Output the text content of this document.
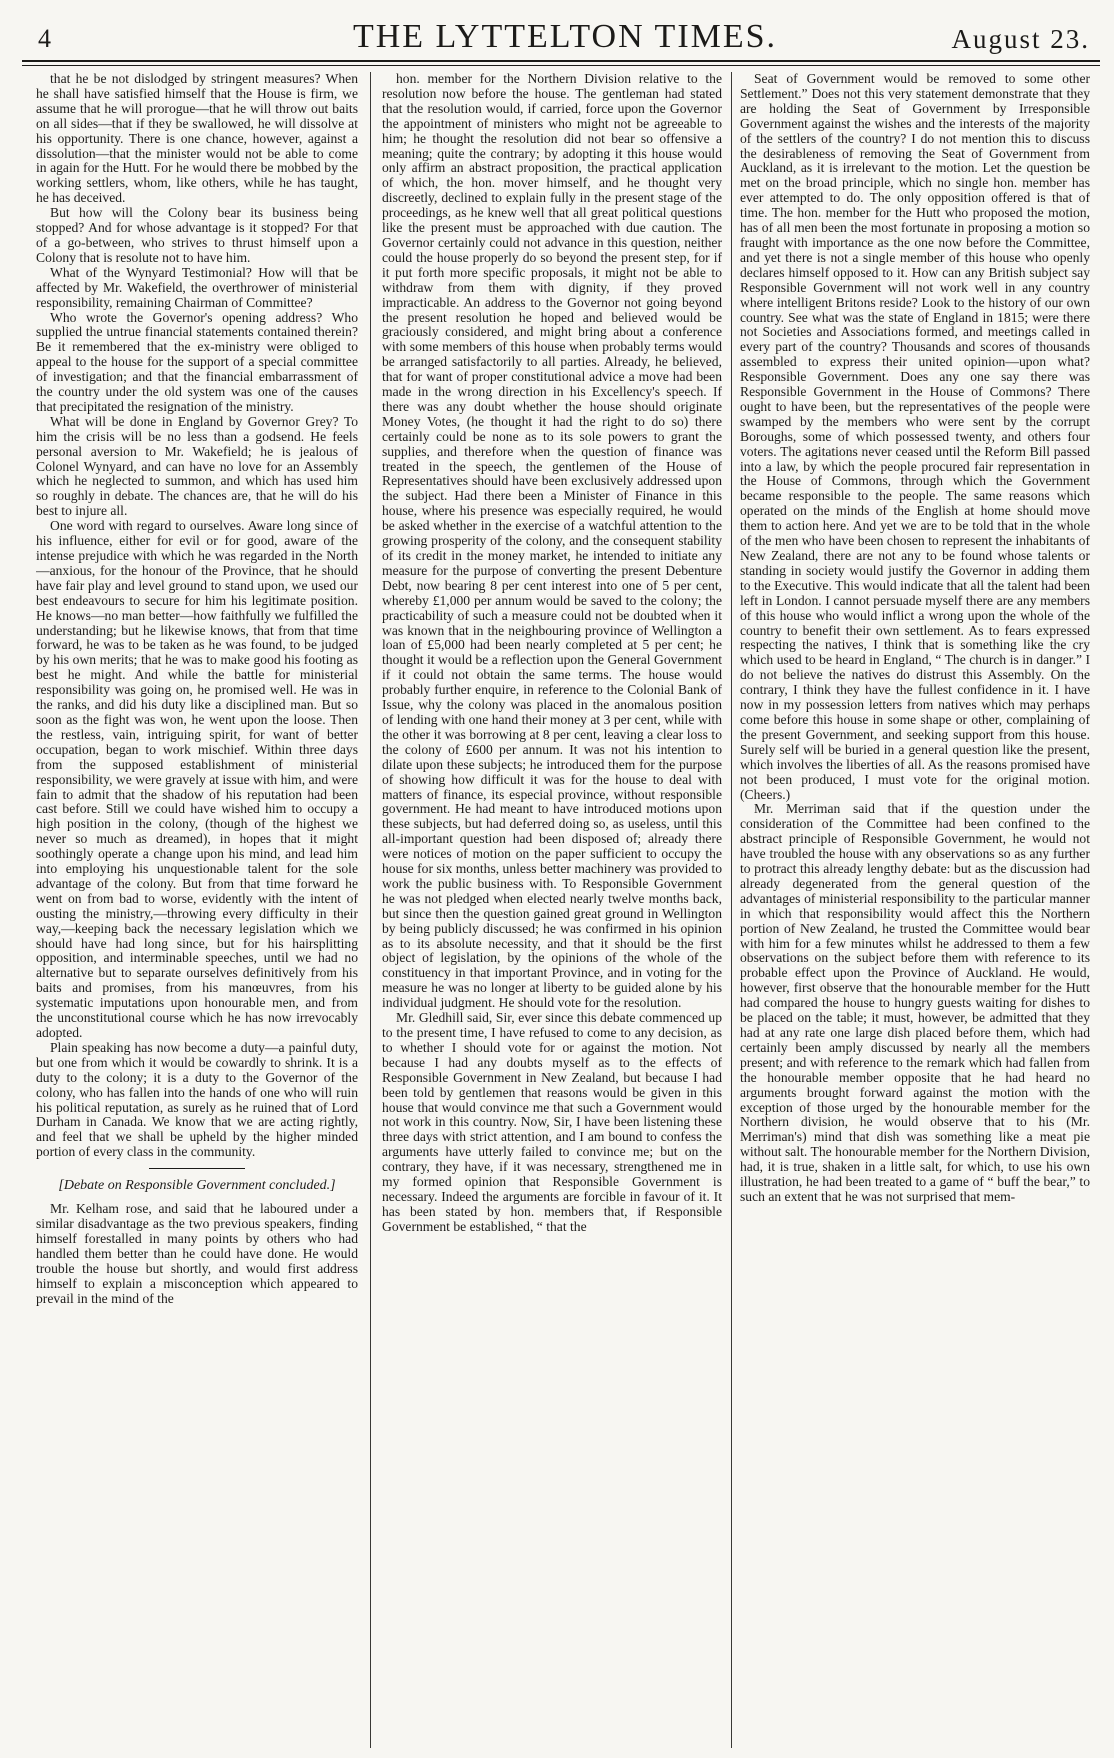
4	THE LYTTELTON TIMES.	August 23.

that he be not dislodged by stringent measures? When he shall have satisfied himself that the House is firm, we assume that he will prorogue—that he will throw out baits on all sides—that if they be swallowed, he will dissolve at his opportunity. There is one chance, however, against a dissolution—that the minister would not be able to come in again for the Hutt. For he would there be mobbed by the working settlers, whom, like others, while he has taught, he has deceived.

But how will the Colony bear its business being stopped? And for whose advantage is it stopped? For that of a go-between, who strives to thrust himself upon a Colony that is resolute not to have him.

What of the Wynyard Testimonial? How will that be affected by Mr. Wakefield, the overthrower of ministerial responsibility, remaining Chairman of Committee?

Who wrote the Governor's opening address? Who supplied the untrue financial statements contained therein? Be it remembered that the ex-ministry were obliged to appeal to the house for the support of a special committee of investigation; and that the financial embarrassment of the country under the old system was one of the causes that precipitated the resignation of the ministry.

What will be done in England by Governor Grey? To him the crisis will be no less than a godsend. He feels personal aversion to Mr. Wakefield; he is jealous of Colonel Wynyard, and can have no love for an Assembly which he neglected to summon, and which has used him so roughly in debate. The chances are, that he will do his best to injure all.

One word with regard to ourselves. Aware long since of his influence, either for evil or for good, aware of the intense prejudice with which he was regarded in the North—anxious, for the honour of the Province, that he should have fair play and level ground to stand upon, we used our best endeavours to secure for him his legitimate position. He knows—no man better—how faithfully we fulfilled the understanding; but he likewise knows, that from that time forward, he was to be taken as he was found, to be judged by his own merits; that he was to make good his footing as best he might. And while the battle for ministerial responsibility was going on, he promised well. He was in the ranks, and did his duty like a disciplined man. But so soon as the fight was won, he went upon the loose. Then the restless, vain, intriguing spirit, for want of better occupation, began to work mischief. Within three days from the supposed establishment of ministerial responsibility, we were gravely at issue with him, and were fain to admit that the shadow of his reputation had been cast before. Still we could have wished him to occupy a high position in the colony, (though of the highest we never so much as dreamed), in hopes that it might soothingly operate a change upon his mind, and lead him into employing his unquestionable talent for the sole advantage of the colony. But from that time forward he went on from bad to worse, evidently with the intent of ousting the ministry,—throwing every difficulty in their way,—keeping back the necessary legislation which we should have had long since, but for his hairsplitting opposition, and interminable speeches, until we had no alternative but to separate ourselves definitively from his baits and promises, from his manœuvres, from his systematic imputations upon honourable men, and from the unconstitutional course which he has now irrevocably adopted.

Plain speaking has now become a duty—a painful duty, but one from which it would be cowardly to shrink. It is a duty to the colony; it is a duty to the Governor of the colony, who has fallen into the hands of one who will ruin his political reputation, as surely as he ruined that of Lord Durham in Canada. We know that we are acting rightly, and feel that we shall be upheld by the higher minded portion of every class in the community.

[Debate on Responsible Government concluded.]

Mr. Kelham rose, and said that he laboured under a similar disadvantage as the two previous speakers, finding himself forestalled in many points by others who had handled them better than he could have done. He would trouble the house but shortly, and would first address himself to explain a misconception which appeared to prevail in the mind of the

hon. member for the Northern Division relative to the resolution now before the house. The gentleman had stated that the resolution would, if carried, force upon the Governor the appointment of ministers who might not be agreeable to him; he thought the resolution did not bear so offensive a meaning; quite the contrary; by adopting it this house would only affirm an abstract proposition, the practical application of which, the hon. mover himself, and he thought very discreetly, declined to explain fully in the present stage of the proceedings, as he knew well that all great political questions like the present must be approached with due caution. The Governor certainly could not advance in this question, neither could the house properly do so beyond the present step, for if it put forth more specific proposals, it might not be able to withdraw from them with dignity, if they proved impracticable. An address to the Governor not going beyond the present resolution he hoped and believed would be graciously considered, and might bring about a conference with some members of this house when probably terms would be arranged satisfactorily to all parties. Already, he believed, that for want of proper constitutional advice a move had been made in the wrong direction in his Excellency's speech. If there was any doubt whether the house should originate Money Votes, (he thought it had the right to do so) there certainly could be none as to its sole powers to grant the supplies, and therefore when the question of finance was treated in the speech, the gentlemen of the House of Representatives should have been exclusively addressed upon the subject. Had there been a Minister of Finance in this house, where his presence was especially required, he would be asked whether in the exercise of a watchful attention to the growing prosperity of the colony, and the consequent stability of its credit in the money market, he intended to initiate any measure for the purpose of converting the present Debenture Debt, now bearing 8 per cent interest into one of 5 per cent, whereby £1,000 per annum would be saved to the colony; the practicability of such a measure could not be doubted when it was known that in the neighbouring province of Wellington a loan of £5,000 had been nearly completed at 5 per cent; he thought it would be a reflection upon the General Government if it could not obtain the same terms. The house would probably further enquire, in reference to the Colonial Bank of Issue, why the colony was placed in the anomalous position of lending with one hand their money at 3 per cent, while with the other it was borrowing at 8 per cent, leaving a clear loss to the colony of £600 per annum. It was not his intention to dilate upon these subjects; he introduced them for the purpose of showing how difficult it was for the house to deal with matters of finance, its especial province, without responsible government. He had meant to have introduced motions upon these subjects, but had deferred doing so, as useless, until this all-important question had been disposed of; already there were notices of motion on the paper sufficient to occupy the house for six months, unless better machinery was provided to work the public business with. To Responsible Government he was not pledged when elected nearly twelve months back, but since then the question gained great ground in Wellington by being publicly discussed; he was confirmed in his opinion as to its absolute necessity, and that it should be the first object of legislation, by the opinions of the whole of the constituency in that important Province, and in voting for the measure he was no longer at liberty to be guided alone by his individual judgment. He should vote for the resolution.

Mr. Gledhill said, Sir, ever since this debate commenced up to the present time, I have refused to come to any decision, as to whether I should vote for or against the motion. Not because I had any doubts myself as to the effects of Responsible Government in New Zealand, but because I had been told by gentlemen that reasons would be given in this house that would convince me that such a Government would not work in this country. Now, Sir, I have been listening these three days with strict attention, and I am bound to confess the arguments have utterly failed to convince me; but on the contrary, they have, if it was necessary, strengthened me in my formed opinion that Responsible Government is necessary. Indeed the arguments are forcible in favour of it. It has been stated by hon. members that, if Responsible Government be established, “ that the

Seat of Government would be removed to some other Settlement.” Does not this very statement demonstrate that they are holding the Seat of Government by Irresponsible Government against the wishes and the interests of the majority of the settlers of the country? I do not mention this to discuss the desirableness of removing the Seat of Government from Auckland, as it is irrelevant to the motion. Let the question be met on the broad principle, which no single hon. member has ever attempted to do. The only opposition offered is that of time. The hon. member for the Hutt who proposed the motion, has of all men been the most fortunate in proposing a motion so fraught with importance as the one now before the Committee, and yet there is not a single member of this house who openly declares himself opposed to it. How can any British subject say Responsible Government will not work well in any country where intelligent Britons reside? Look to the history of our own country. See what was the state of England in 1815; were there not Societies and Associations formed, and meetings called in every part of the country? Thousands and scores of thousands assembled to express their united opinion—upon what? Responsible Government. Does any one say there was Responsible Government in the House of Commons? There ought to have been, but the representatives of the people were swamped by the members who were sent by the corrupt Boroughs, some of which possessed twenty, and others four voters. The agitations never ceased until the Reform Bill passed into a law, by which the people procured fair representation in the House of Commons, through which the Government became responsible to the people. The same reasons which operated on the minds of the English at home should move them to action here. And yet we are to be told that in the whole of the men who have been chosen to represent the inhabitants of New Zealand, there are not any to be found whose talents or standing in society would justify the Governor in adding them to the Executive. This would indicate that all the talent had been left in London. I cannot persuade myself there are any members of this house who would inflict a wrong upon the whole of the country to benefit their own settlement. As to fears expressed respecting the natives, I think that is something like the cry which used to be heard in England, “ The church is in danger.” I do not believe the natives do distrust this Assembly. On the contrary, I think they have the fullest confidence in it. I have now in my possession letters from natives which may perhaps come before this house in some shape or other, complaining of the present Government, and seeking support from this house. Surely self will be buried in a general question like the present, which involves the liberties of all. As the reasons promised have not been produced, I must vote for the original motion. (Cheers.)

Mr. Merriman said that if the question under the consideration of the Committee had been confined to the abstract principle of Responsible Government, he would not have troubled the house with any observations so as any further to protract this already lengthy debate: but as the discussion had already degenerated from the general question of the advantages of ministerial responsibility to the particular manner in which that responsibility would affect this the Northern portion of New Zealand, he trusted the Committee would bear with him for a few minutes whilst he addressed to them a few observations on the subject before them with reference to its probable effect upon the Province of Auckland. He would, however, first observe that the honourable member for the Hutt had compared the house to hungry guests waiting for dishes to be placed on the table; it must, however, be admitted that they had at any rate one large dish placed before them, which had certainly been amply discussed by nearly all the members present; and with reference to the remark which had fallen from the honourable member opposite that he had heard no arguments brought forward against the motion with the exception of those urged by the honourable member for the Northern division, he would observe that to his (Mr. Merriman's) mind that dish was something like a meat pie without salt. The honourable member for the Northern Division, had, it is true, shaken in a little salt, for which, to use his own illustration, he had been treated to a game of “ buff the bear,” to such an extent that he was not surprised that mem-
